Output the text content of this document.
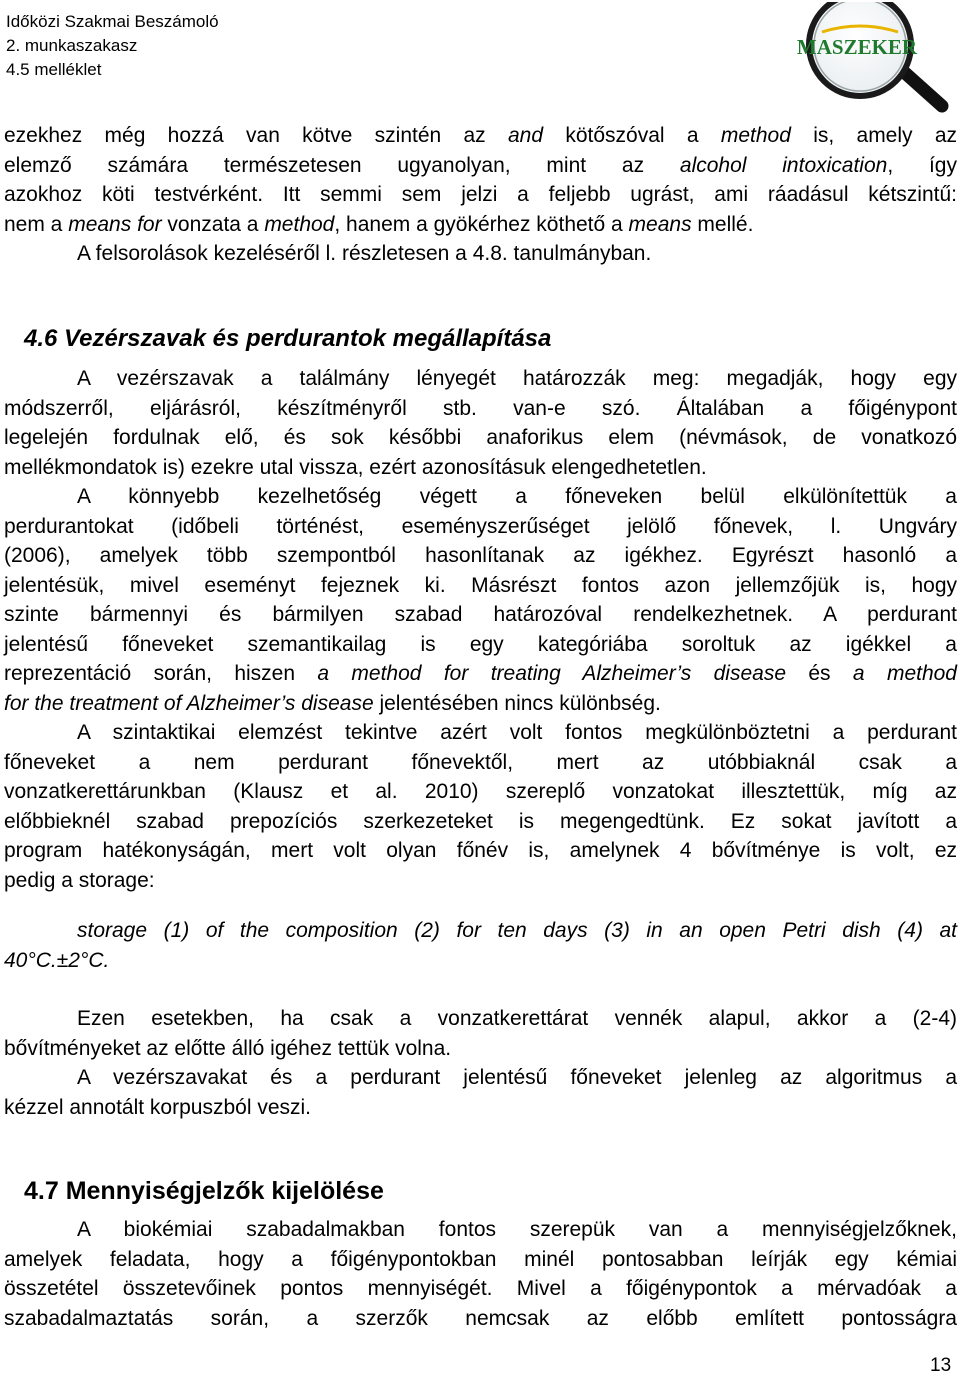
Időközi Szakmai Beszámoló
2. munkaszakasz
4.5 melléklet
MASZEKER
ezekhez még hozzá van kötve szintén az and kötőszóval a method is, amely az
elemző számára természetesen ugyanolyan, mint az alcohol intoxication, így
azokhoz köti testvérként. Itt semmi sem jelzi a feljebb ugrást, ami ráadásul kétszintű:
nem a means for vonzata a method, hanem a gyökérhez köthető a means mellé.
A felsorolások kezeléséről l. részletesen a 4.8. tanulmányban.
4.6 Vezérszavak és perdurantok megállapítása
A vezérszavak a találmány lényegét határozzák meg: megadják, hogy egy
módszerről, eljárásról, készítményről stb. van-e szó. Általában a főigénypont
legelején fordulnak elő, és sok későbbi anaforikus elem (névmások, de vonatkozó
mellékmondatok is) ezekre utal vissza, ezért azonosításuk elengedhetetlen.
A könnyebb kezelhetőség végett a főneveken belül elkülönítettük a
perdurantokat (időbeli történést, eseményszerűséget jelölő főnevek, l. Ungváry
(2006), amelyek több szempontból hasonlítanak az igékhez. Egyrészt hasonló a
jelentésük, mivel eseményt fejeznek ki. Másrészt fontos azon jellemzőjük is, hogy
szinte bármennyi és bármilyen szabad határozóval rendelkezhetnek. A perdurant
jelentésű főneveket szemantikailag is egy kategóriába soroltuk az igékkel a
reprezentáció során, hiszen a method for treating Alzheimer’s disease és a method
for the treatment of Alzheimer’s disease jelentésében nincs különbség.
A szintaktikai elemzést tekintve azért volt fontos megkülönböztetni a perdurant
főneveket a nem perdurant főnevektől, mert az utóbbiaknál csak a
vonzatkerettárunkban (Klausz et al. 2010) szereplő vonzatokat illesztettük, míg az
előbbieknél szabad prepozíciós szerkezeteket is megengedtünk. Ez sokat javított a
program hatékonyságán, mert volt olyan főnév is, amelynek 4 bővítménye is volt, ez
pedig a storage:
storage (1) of the composition (2) for ten days (3) in an open Petri dish (4) at
40°C.±2°C.
Ezen esetekben, ha csak a vonzatkerettárat vennék alapul, akkor a (2-4)
bővítményeket az előtte álló igéhez tettük volna.
A vezérszavakat és a perdurant jelentésű főneveket jelenleg az algoritmus a
kézzel annotált korpuszból veszi.
4.7 Mennyiségjelzők kijelölése
A biokémiai szabadalmakban fontos szerepük van a mennyiségjelzőknek,
amelyek feladata, hogy a főigénypontokban minél pontosabban leírják egy kémiai
összetétel összetevőinek pontos mennyiségét. Mivel a főigénypontok a mérvadóak a
szabadalmaztatás során, a szerzők nemcsak az előbb említett pontosságra
13
